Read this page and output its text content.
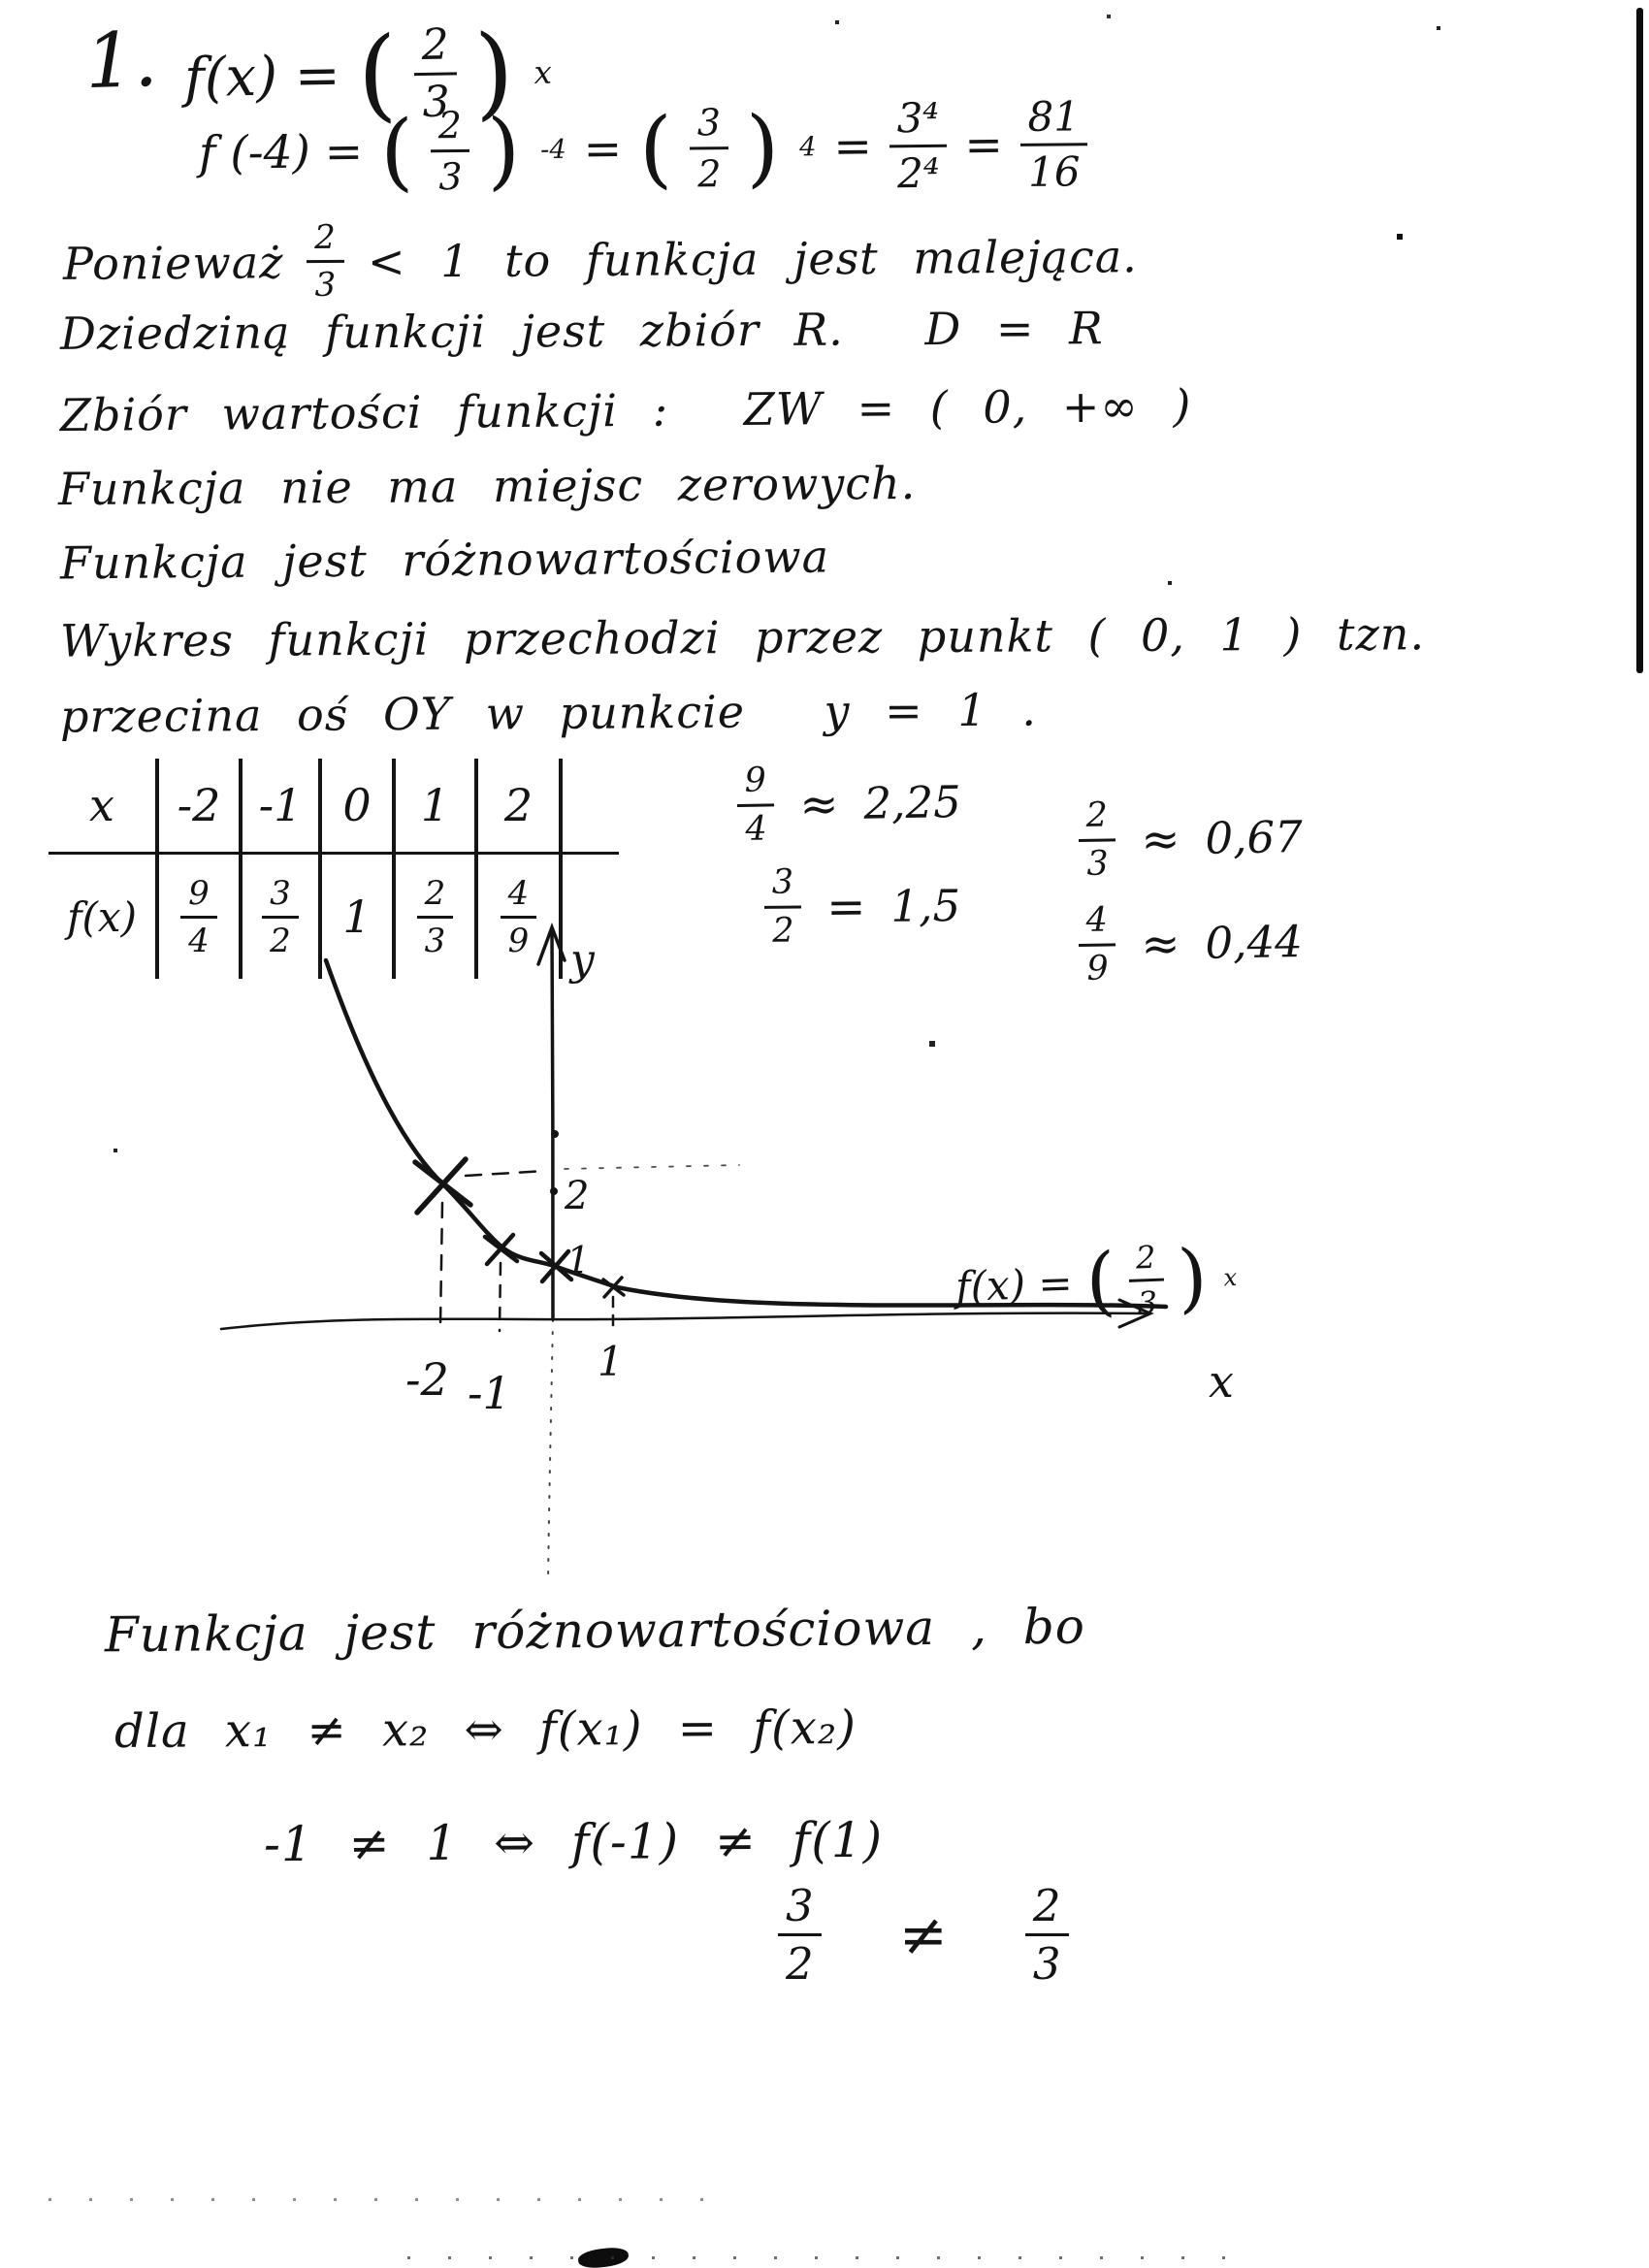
1. f(x) = ( $\frac{2}{3}$ ) x
f (-4) = ( $\frac{2}{3}$ ) -4 = ( $\frac{3}{2}$ ) $4 = \frac{\text{3⁴}}{\text{2⁴}} = \frac{81}{16}$
Ponieważ $\frac{2}{3} < 1$ to funkcja jest malejąca.
Dziedziną funkcji jest zbiór R. D = R
Zbiór wartości funkcji : ZW = ( 0, +∞ )
Funkcja nie ma miejsc zerowych.
Funkcja jest różnowartościowa
Wykres funkcji przechodzi przez punkt ( 0, 1 ) tzn.
przecina oś OY w punkcie y = 1 .
x	-2 -1 0	1	2
f(x)	$\frac{9}{4} \frac{3}{2} 1$	$\frac{2}{3} \frac{4}{9}$
$\frac{9}{4} \approx 2,25$	$\frac{2}{3} \approx 0,67$
$\frac{3}{2} = 1,5$	$\frac{4}{9} \approx 0,44$
y
x
2
1
-2 -1
1
f(x) = ( $\frac{2}{3}$ ) x
Funkcja jest różnowartościowa , bo
dla x₁ ≠ x₂ ⇔ f(x₁) = f(x₂)
-1 ≠ 1 ⇔ f(-1) ≠ f(1)
$\frac{3}{2} \ne \frac{2}{3}$
